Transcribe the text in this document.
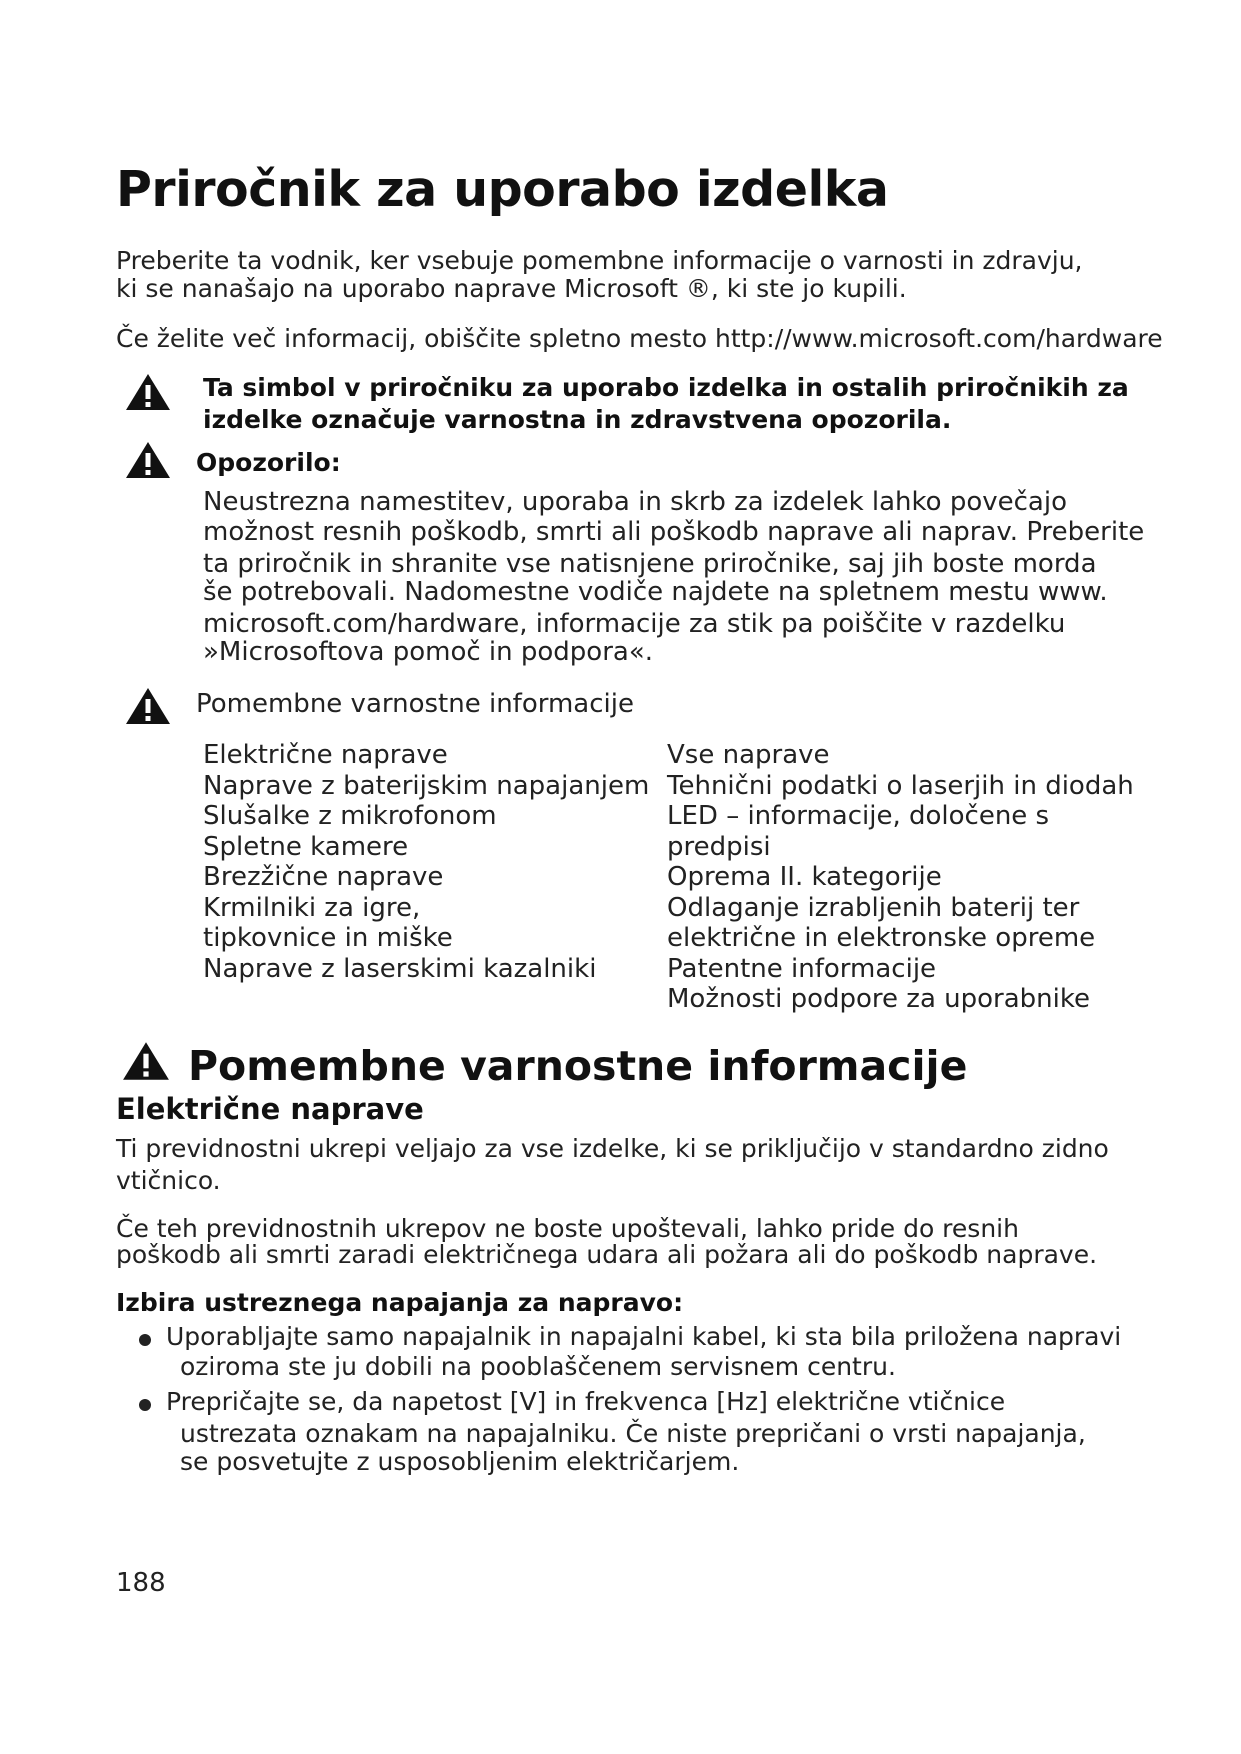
Priročnik za uporabo izdelka
Preberite ta vodnik, ker vsebuje pomembne informacije o varnosti in zdravju,
ki se nanašajo na uporabo naprave Microsoft ®, ki ste jo kupili.
Če želite več informacij, obiščite spletno mesto http://www.microsoft.com/hardware
Ta simbol v priročniku za uporabo izdelka in ostalih priročnikih za
izdelke označuje varnostna in zdravstvena opozorila.
Opozorilo:
Neustrezna namestitev, uporaba in skrb za izdelek lahko povečajo
možnost resnih poškodb, smrti ali poškodb naprave ali naprav. Preberite
ta priročnik in shranite vse natisnjene priročnike, saj jih boste morda
še potrebovali. Nadomestne vodiče najdete na spletnem mestu www.
microsoft.com/hardware, informacije za stik pa poiščite v razdelku
»Microsoftova pomoč in podpora«.
Pomembne varnostne informacije
Električne naprave
Naprave z baterijskim napajanjem
Slušalke z mikrofonom
Spletne kamere
Brezžične naprave
Krmilniki za igre,
tipkovnice in miške
Naprave z laserskimi kazalniki
Vse naprave
Tehnični podatki o laserjih in diodah
LED – informacije, določene s
predpisi
Oprema II. kategorije
Odlaganje izrabljenih baterij ter
električne in elektronske opreme
Patentne informacije
Možnosti podpore za uporabnike
Pomembne varnostne informacije
Električne naprave
Ti previdnostni ukrepi veljajo za vse izdelke, ki se priključijo v standardno zidno
vtičnico.
Če teh previdnostnih ukrepov ne boste upoštevali, lahko pride do resnih
poškodb ali smrti zaradi električnega udara ali požara ali do poškodb naprave.
Izbira ustreznega napajanja za napravo:
Uporabljajte samo napajalnik in napajalni kabel, ki sta bila priložena napravi
oziroma ste ju dobili na pooblaščenem servisnem centru.
Prepričajte se, da napetost [V] in frekvenca [Hz] električne vtičnice
ustrezata oznakam na napajalniku. Če niste prepričani o vrsti napajanja,
se posvetujte z usposobljenim električarjem.
188
